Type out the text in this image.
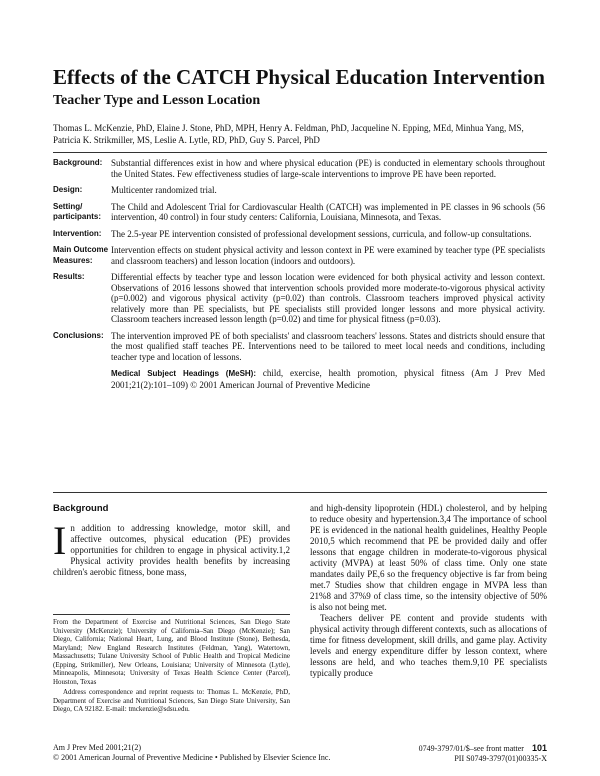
Effects of the CATCH Physical Education Intervention
Teacher Type and Lesson Location
Thomas L. McKenzie, PhD, Elaine J. Stone, PhD, MPH, Henry A. Feldman, PhD, Jacqueline N. Epping, MEd, Minhua Yang, MS, Patricia K. Strikmiller, MS, Leslie A. Lytle, RD, PhD, Guy S. Parcel, PhD
Background: Substantial differences exist in how and where physical education (PE) is conducted in elementary schools throughout the United States. Few effectiveness studies of large-scale interventions to improve PE have been reported.
Design:	Multicenter randomized trial.
Setting/ participants:
The Child and Adolescent Trial for Cardiovascular Health (CATCH) was implemented in PE classes in 96 schools (56 intervention, 40 control) in four study centers: California, Louisiana, Minnesota, and Texas.
Intervention:	The 2.5-year PE intervention consisted of professional development sessions, curricula, and follow-up consultations.
Main Outcome Measures:
Intervention effects on student physical activity and lesson context in PE were examined by teacher type (PE specialists and classroom teachers) and lesson location (indoors and outdoors).
Results:	Differential effects by teacher type and lesson location were evidenced for both physical activity and lesson context. Observations of 2016 lessons showed that intervention schools provided more moderate-to-vigorous physical activity (p=0.002) and vigorous physical activity (p=0.02) than controls. Classroom teachers improved physical activity relatively more than PE specialists, but PE specialists still provided longer lessons and more physical activity. Classroom teachers increased lesson length (p=0.02) and time for physical fitness (p=0.03).
Conclusions: The intervention improved PE of both specialists' and classroom teachers' lessons. States and districts should ensure that the most qualified staff teaches PE. Interventions need to be tailored to meet local needs and conditions, including teacher type and location of lessons.
Medical Subject Headings (MeSH): child, exercise, health promotion, physical fitness (Am J Prev Med 2001;21(2):101–109) © 2001 American Journal of Preventive Medicine
Background

In addition to addressing knowledge, motor skill, and affective outcomes, physical education (PE) provides opportunities for children to engage in physical activity.1,2 Physical activity provides health benefits by increasing children's aerobic fitness, bone mass,

From the Department of Exercise and Nutritional Sciences, San Diego State University (McKenzie); University of California–San Diego (McKenzie); San Diego, California; National Heart, Lung, and Blood Institute (Stone), Bethesda, Maryland; New England Research Institutes (Feldman, Yang), Watertown, Massachusetts; Tulane University School of Public Health and Tropical Medicine (Epping, Strikmiller), New Orleans, Louisiana; University of Minnesota (Lytle), Minneapolis, Minnesota; University of Texas Health Science Center (Parcel), Houston, Texas

Address correspondence and reprint requests to: Thomas L. McKenzie, PhD, Department of Exercise and Nutritional Sciences, San Diego State University, San Diego, CA 92182. E-mail: tmckenzie@sdsu.edu.

and high-density lipoprotein (HDL) cholesterol, and by helping to reduce obesity and hypertension.3,4 The importance of school PE is evidenced in the national health guidelines, Healthy People 2010,5 which recommend that PE be provided daily and offer lessons that engage children in moderate-to-vigorous physical activity (MVPA) at least 50% of class time. Only one state mandates daily PE,6 so the frequency objective is far from being met.7 Studies show that children engage in MVPA less than 21%8 and 37%9 of class time, so the intensity objective of 50% is also not being met.

Teachers deliver PE content and provide students with physical activity through different contexts, such as allocations of time for fitness development, skill drills, and game play. Activity levels and energy expenditure differ by lesson context, where lessons are held, and who teaches them.9,10 PE specialists typically produce

Am J Prev Med 2001;21(2)
© 2001 American Journal of Preventive Medicine • Published by Elsevier Science Inc.
0749-3797/01/$–see front matter 101
PII S0749-3797(01)00335-X
